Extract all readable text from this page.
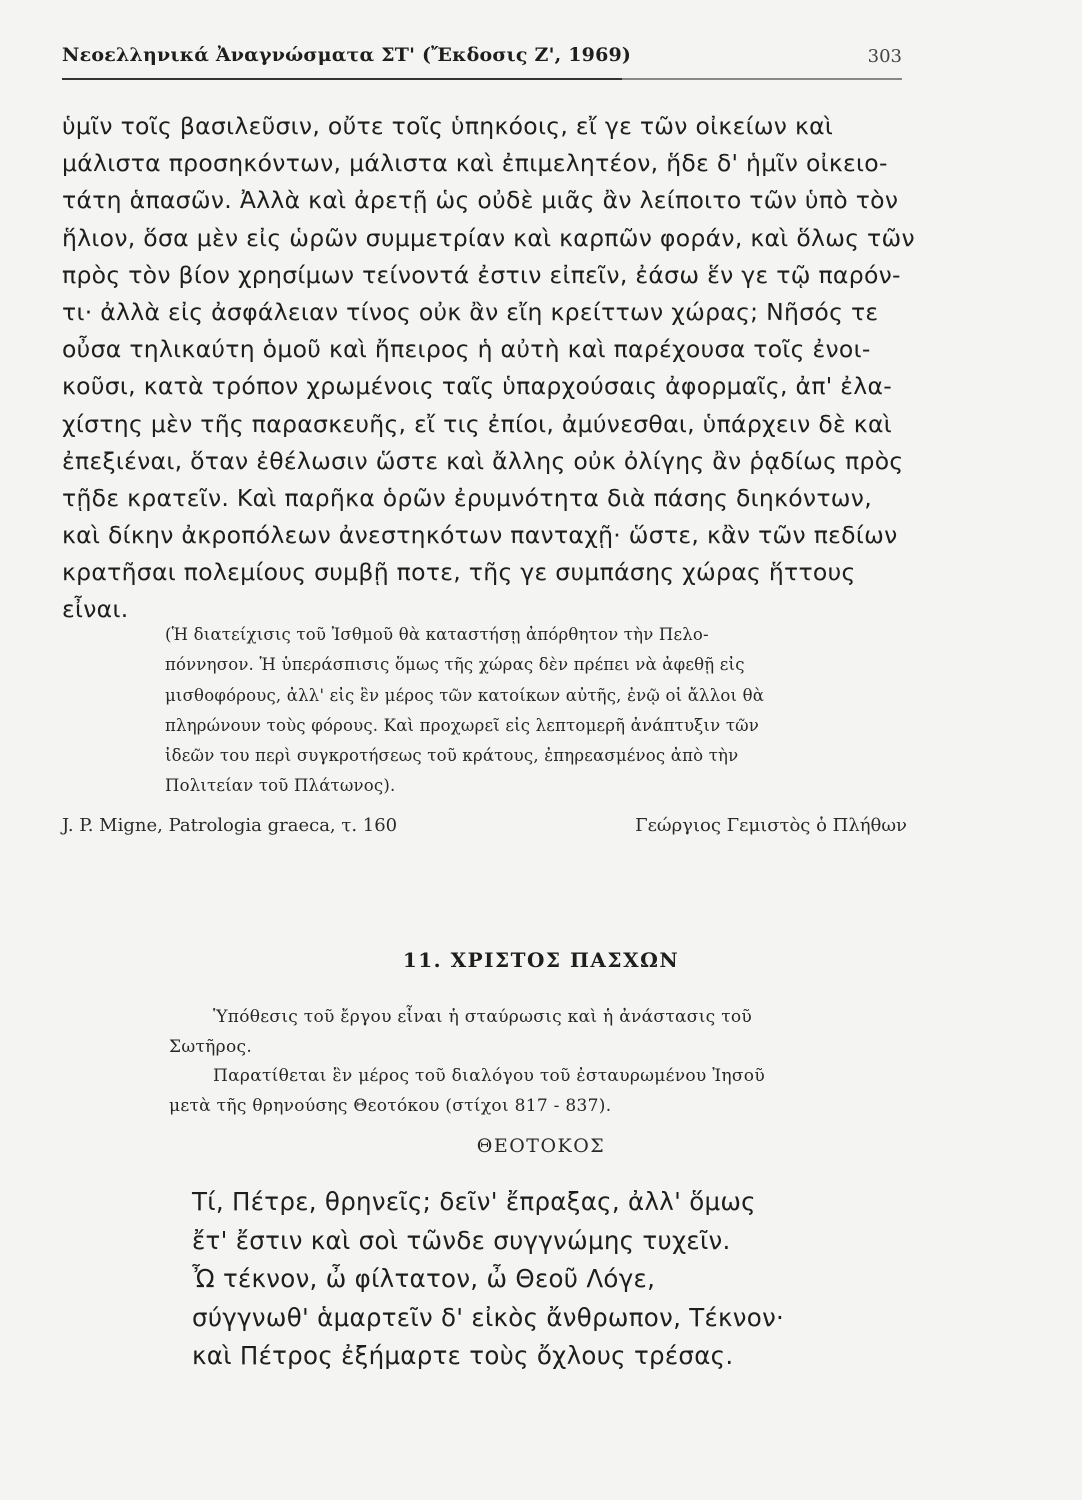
Νεοελληνικά Ἀναγνώσματα ΣΤ' (Ἔκδοσις Ζ', 1969)	303
ὑμῖν τοῖς βασιλεῦσιν, οὔτε τοῖς ὑπηκόοις, εἴ γε τῶν οἰκείων καὶ
μάλιστα προσηκόντων, μάλιστα καὶ ἐπιμελητέον, ἥδε δ' ἡμῖν οἰκειο-
τάτη ἁπασῶν. Ἀλλὰ καὶ ἀρετῇ ὡς οὐδὲ μιᾶς ἂν λείποιτο τῶν ὑπὸ τὸν
ἥλιον, ὅσα μὲν εἰς ὡρῶν συμμετρίαν καὶ καρπῶν φοράν, καὶ ὅλως τῶν
πρὸς τὸν βίον χρησίμων τείνοντά ἐστιν εἰπεῖν, ἐάσω ἕν γε τῷ παρόν-
τι· ἀλλὰ εἰς ἀσφάλειαν τίνος οὐκ ἂν εἴη κρείττων χώρας; Νῆσός τε
οὖσα τηλικαύτη ὁμοῦ καὶ ἤπειρος ἡ αὐτὴ καὶ παρέχουσα τοῖς ἐνοι-
κοῦσι, κατὰ τρόπον χρωμένοις ταῖς ὑπαρχούσαις ἀφορμαῖς, ἀπ' ἐλα-
χίστης μὲν τῆς παρασκευῆς, εἴ τις ἐπίοι, ἀμύνεσθαι, ὑπάρχειν δὲ καὶ
ἐπεξιέναι, ὅταν ἐθέλωσιν ὥστε καὶ ἄλλης οὐκ ὀλίγης ἂν ῥᾳδίως πρὸς
τῇδε κρατεῖν. Καὶ παρῆκα ὁρῶν ἐρυμνότητα διὰ πάσης διηκόντων,
καὶ δίκην ἀκροπόλεων ἀνεστηκότων πανταχῇ· ὥστε, κἂν τῶν πεδίων
κρατῆσαι πολεμίους συμβῇ ποτε, τῆς γε συμπάσης χώρας ἥττους
εἶναι.
(Ἡ διατείχισις τοῦ Ἰσθμοῦ θὰ καταστήσῃ ἀπόρθητον τὴν Πελο-
πόννησον. Ἡ ὑπεράσπισις ὅμως τῆς χώρας δὲν πρέπει νὰ ἀφεθῇ εἰς
μισθοφόρους, ἀλλ' εἰς ἓν μέρος τῶν κατοίκων αὐτῆς, ἐνῷ οἱ ἄλλοι θὰ
πληρώνουν τοὺς φόρους. Καὶ προχωρεῖ εἰς λεπτομερῆ ἀνάπτυξιν τῶν
ἰδεῶν του περὶ συγκροτήσεως τοῦ κράτους, ἐπηρεασμένος ἀπὸ τὴν
Πολιτείαν τοῦ Πλάτωνος).
J. P. Migne, Patrologia graeca, τ. 160	Γεώργιος Γεμιστὸς ὁ Πλήθων
11. ΧΡΙΣΤΟΣ ΠΑΣΧΩΝ
Ὑπόθεσις τοῦ ἔργου εἶναι ἡ σταύρωσις καὶ ἡ ἀνάστασις τοῦ
Σωτῆρος.
Παρατίθεται ἓν μέρος τοῦ διαλόγου τοῦ ἐσταυρωμένου Ἰησοῦ
μετὰ τῆς θρηνούσης Θεοτόκου (στίχοι 817 - 837).
ΘΕΟΤΟΚΟΣ
Τί, Πέτρε, θρηνεῖς; δεῖν' ἔπραξας, ἀλλ' ὅμως
ἔτ' ἔστιν καὶ σοὶ τῶνδε συγγνώμης τυχεῖν.
Ὦ τέκνον, ὦ φίλτατον, ὦ Θεοῦ Λόγε,
σύγγνωθ' ἁμαρτεῖν δ' εἰκὸς ἄνθρωπον, Τέκνον·
καὶ Πέτρος ἐξήμαρτε τοὺς ὄχλους τρέσας.
